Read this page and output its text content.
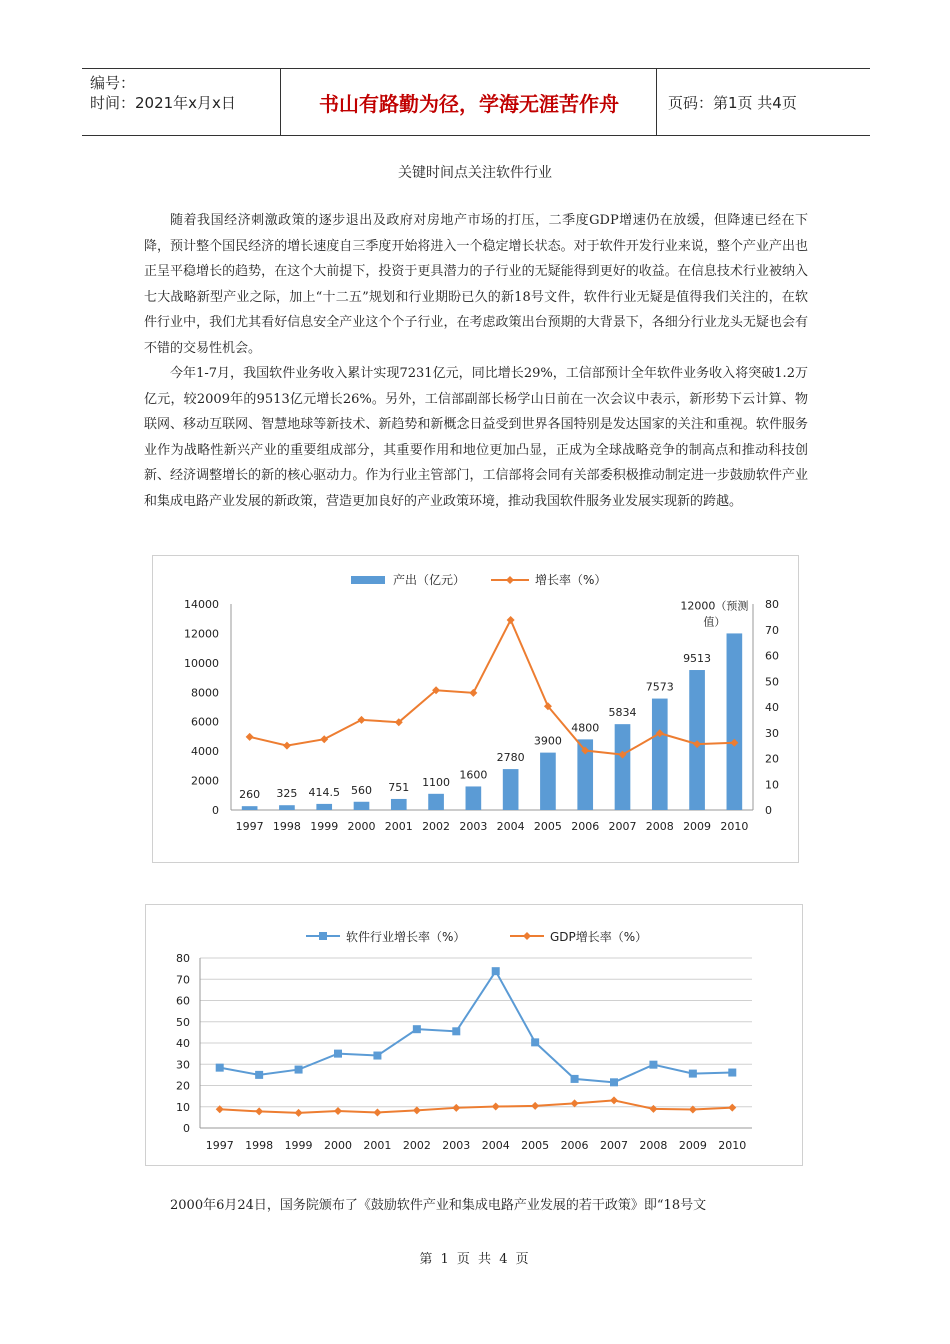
编号：
时间：2021年x月x日	书山有路勤为径，学海无涯苦作舟	页码：第1页 共4页
关键时间点关注软件行业

随着我国经济刺激政策的逐步退出及政府对房地产市场的打压，二季度GDP增速仍在放缓，但降速已经在下降，预计整个国民经济的增长速度自三季度开始将进入一个稳定增长状态。对于软件开发行业来说，整个产业产出也正呈平稳增长的趋势，在这个大前提下，投资于更具潜力的子行业的无疑能得到更好的收益。在信息技术行业被纳入七大战略新型产业之际，加上“十二五”规划和行业期盼已久的新18号文件，软件行业无疑是值得我们关注的，在软件行业中，我们尤其看好信息安全产业这个个子行业，在考虑政策出台预期的大背景下，各细分行业龙头无疑也会有不错的交易性机会。

今年1-7月，我国软件业务收入累计实现7231亿元，同比增长29%，工信部预计全年软件业务收入将突破1.2万亿元，较2009年的9513亿元增长26%。另外，工信部副部长杨学山日前在一次会议中表示，新形势下云计算、物联网、移动互联网、智慧地球等新技术、新趋势和新概念日益受到世界各国特别是发达国家的关注和重视。软件服务业作为战略性新兴产业的重要组成部分，其重要作用和地位更加凸显，正成为全球战略竞争的制高点和推动科技创新、经济调整增长的新的核心驱动力。作为行业主管部门，工信部将会同有关部委积极推动制定进一步鼓励软件产业和集成电路产业发展的新政策，营造更加良好的产业政策环境，推动我国软件服务业发展实现新的跨越。

产出（亿元）	增长率（%）
0
2000
4000
6000
8000
10000
12000
14000
0
10
20
30
40
50
60
70
80
1997 1998 1999 2000 2001 2002 2003 2004 2005 2006 2007 2008 2009 2010
260 325 414.5 560 751 1100
1600
2780
3900
4800
5834
7573
9513
12000（预测
值）
软件行业增长率（%）	GDP增长率（%）
0
10
20
30
40
50
60
70
80
1997 1998 1999 2000 2001 2002 2003 2004 2005 2006 2007 2008 2009 2010

2000年6月24日，国务院颁布了《鼓励软件产业和集成电路产业发展的若干政策》即“18号文

第 1 页 共 4 页
